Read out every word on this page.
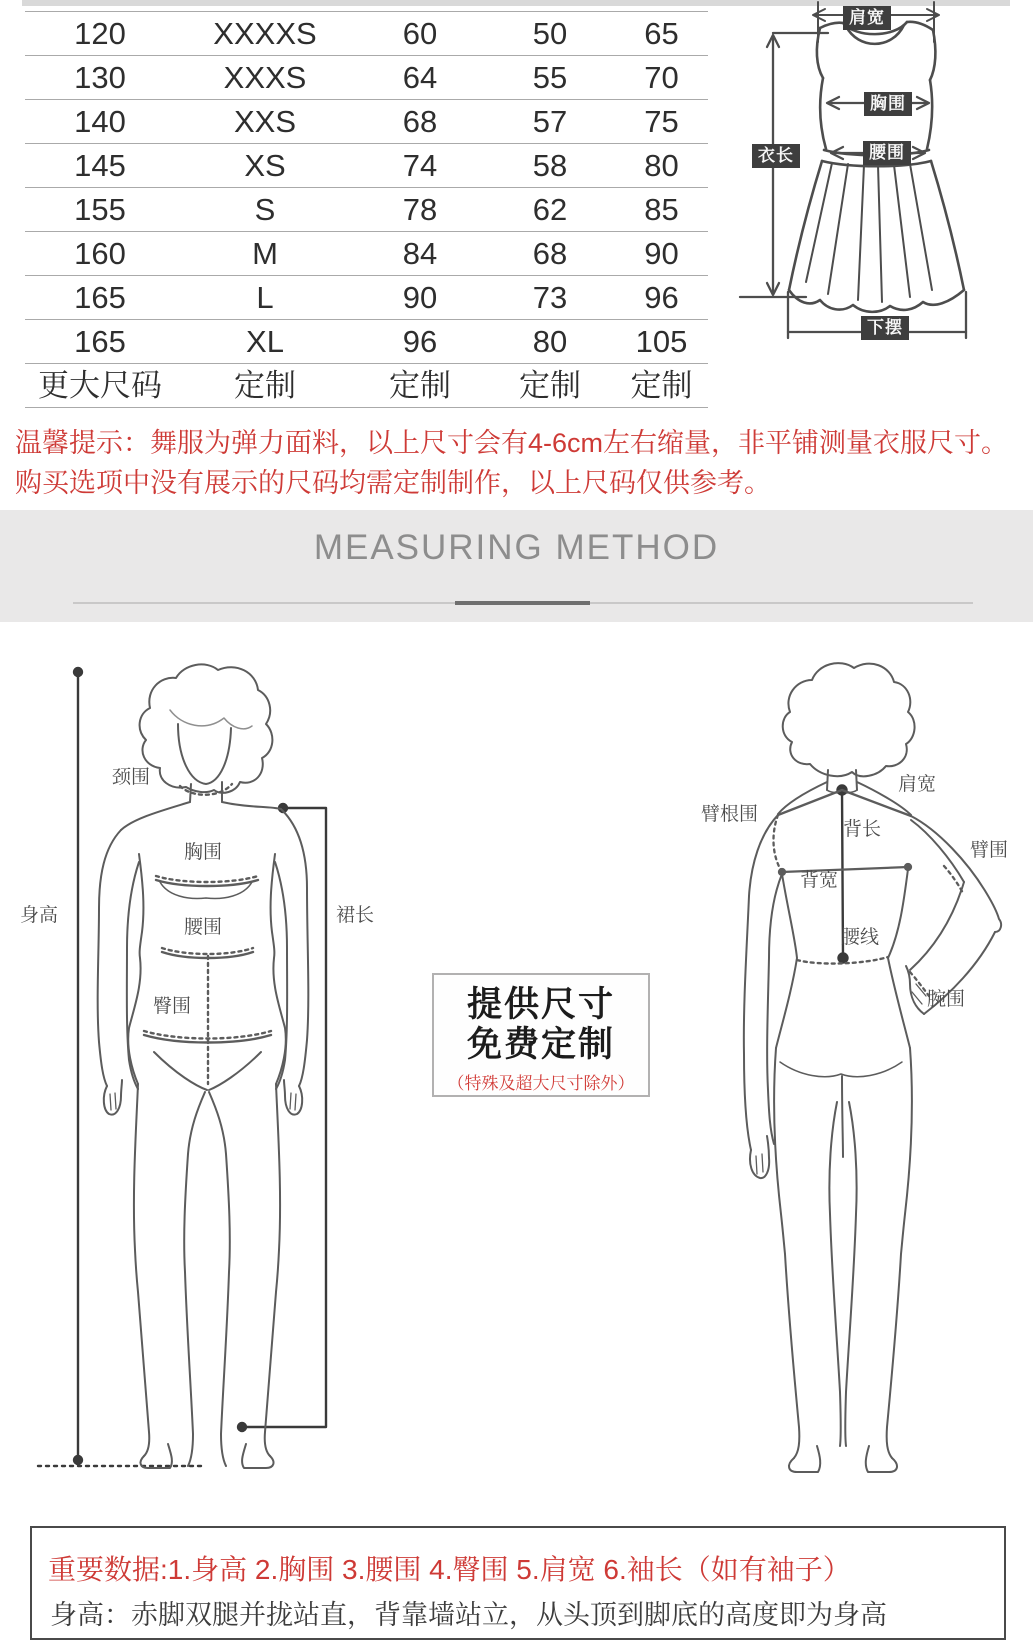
120	XXXXS	60	50	65
130	XXXS	64	55	70
140	XXS	68	57	75
145	XS	74	58	80
155	S	78	62	85
160	M	84	68	90
165	L	90	73	96
165	XL	96	80	105
更大尺码	定制	定制	定制	定制
肩宽
胸围
腰围
衣长
下摆
温馨提示：舞服为弹力面料，以上尺寸会有4-6cm左右缩量，非平铺测量衣服尺寸。
购买选项中没有展示的尺码均需定制制作，以上尺码仅供参考。
MEASURING METHOD
颈围
胸围
腰围
臀围
身高	裙长
肩宽
臂根围
背长
臂围
背宽
腰线
腕围
提供尺寸
免费定制
（特殊及超大尺寸除外）
重要数据:1.身高 2.胸围 3.腰围 4.臀围 5.肩宽 6.袖长（如有袖子）
身高：赤脚双腿并拢站直，背靠墙站立，从头顶到脚底的高度即为身高
